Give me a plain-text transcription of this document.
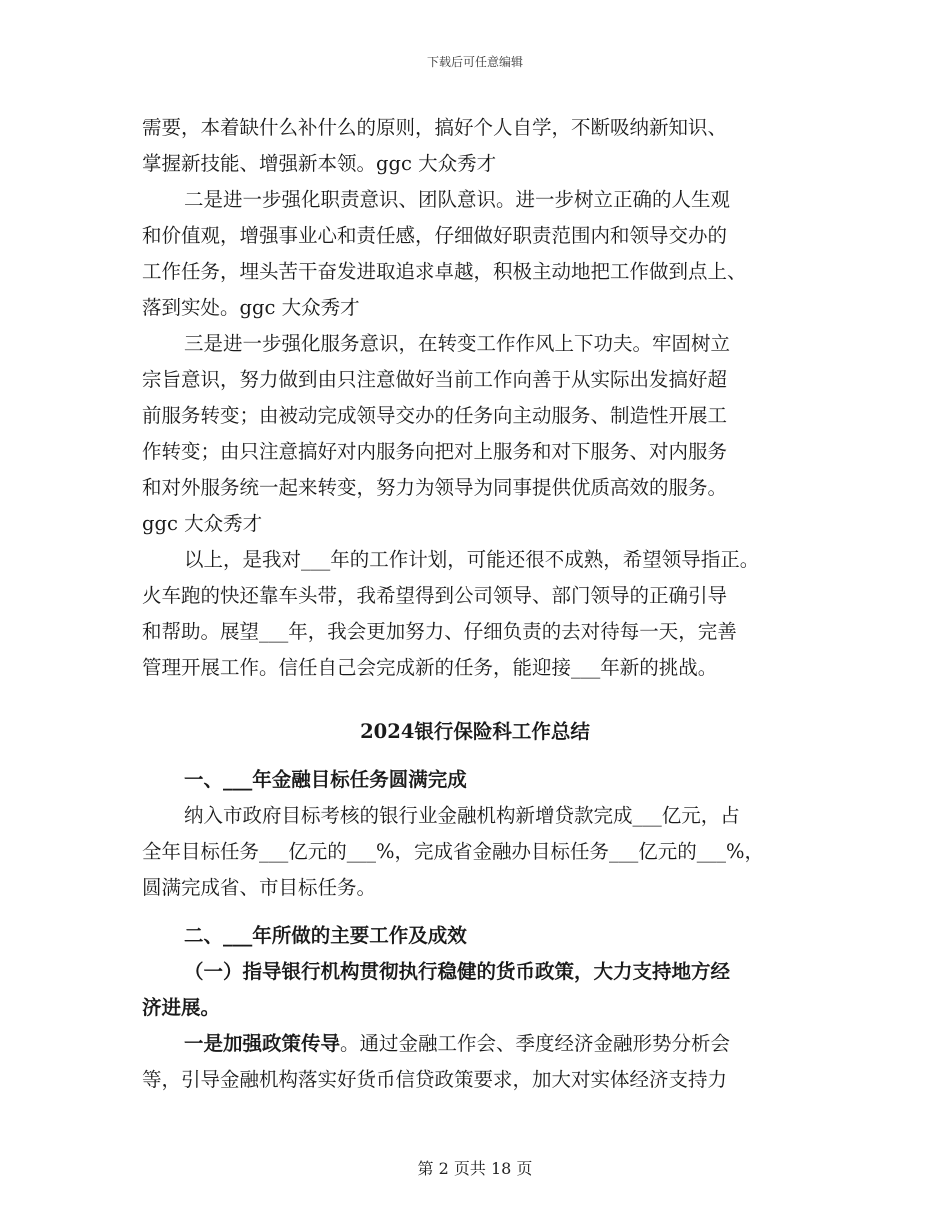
下载后可任意编辑
需要，本着缺什么补什么的原则，搞好个人自学，不断吸纳新知识、
掌握新技能、增强新本领。ggc 大众秀才
二是进一步强化职责意识、团队意识。进一步树立正确的人生观
和价值观，增强事业心和责任感，仔细做好职责范围内和领导交办的
工作任务，埋头苦干奋发进取追求卓越，积极主动地把工作做到点上、
落到实处。ggc 大众秀才
三是进一步强化服务意识，在转变工作作风上下功夫。牢固树立
宗旨意识，努力做到由只注意做好当前工作向善于从实际出发搞好超
前服务转变；由被动完成领导交办的任务向主动服务、制造性开展工
作转变；由只注意搞好对内服务向把对上服务和对下服务、对内服务
和对外服务统一起来转变，努力为领导为同事提供优质高效的服务。
ggc 大众秀才
以上，是我对___年的工作计划，可能还很不成熟，希望领导指正。
火车跑的快还靠车头带，我希望得到公司领导、部门领导的正确引导
和帮助。展望___年，我会更加努力、仔细负责的去对待每一天，完善
管理开展工作。信任自己会完成新的任务，能迎接___年新的挑战。
2024银行保险科工作总结
一、___年金融目标任务圆满完成
纳入市政府目标考核的银行业金融机构新增贷款完成___亿元，占
全年目标任务___亿元的___%，完成省金融办目标任务___亿元的___%，
圆满完成省、市目标任务。
二、___年所做的主要工作及成效
（一）指导银行机构贯彻执行稳健的货币政策，大力支持地方经
济进展。
一是加强政策传导。通过金融工作会、季度经济金融形势分析会
等，引导金融机构落实好货币信贷政策要求，加大对实体经济支持力
第 2 页共 18 页
